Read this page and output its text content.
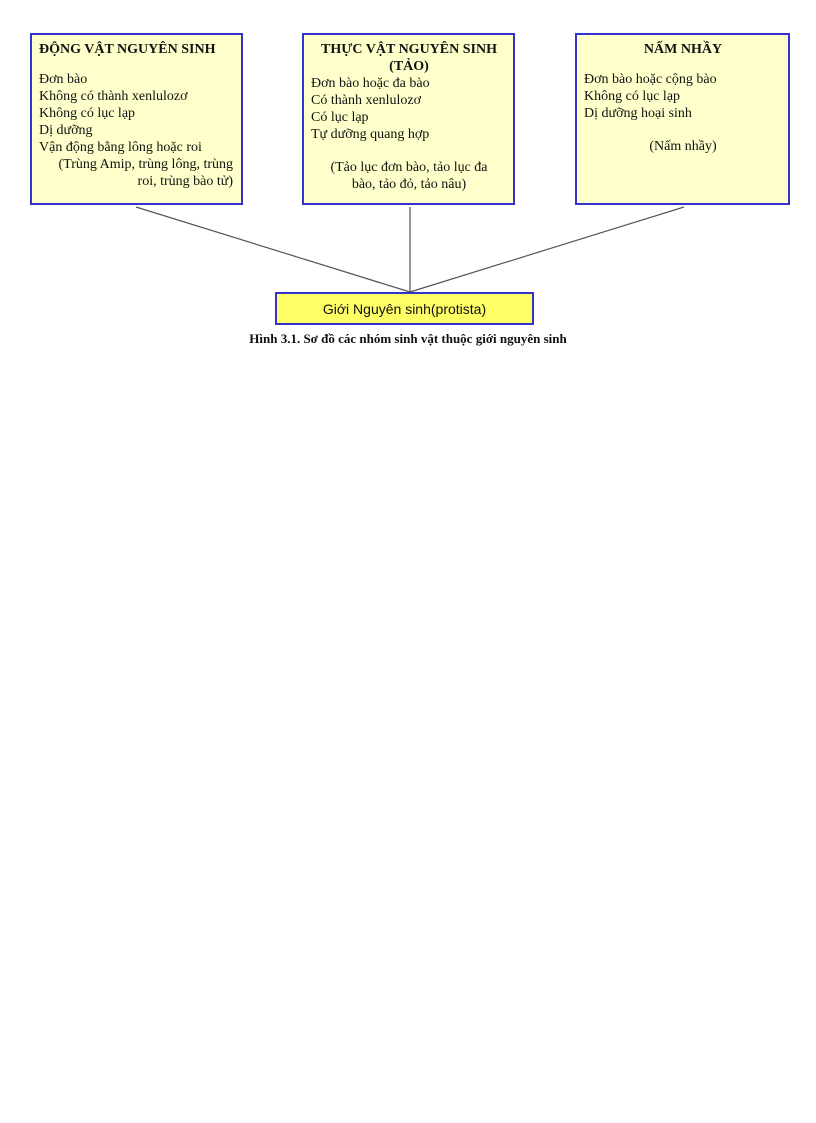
ĐỘNG VẬT NGUYÊN SINH
Đơn bào
Không có thành xenlulozơ
Không có lục lạp
Dị dưỡng
Vận động bằng lông hoặc roi
(Trùng Amip, trùng lông, trùng
roi, trùng bào tử)
THỰC VẬT NGUYÊN SINH
(TẢO)
Đơn bào hoặc đa bào
Có thành xenlulozơ
Có lục lạp
Tự dưỡng quang hợp
(Tảo lục đơn bào, tảo lục đa
bào, tảo đỏ, tảo nâu)
NẤM NHẦY
Đơn bào hoặc cộng bào
Không có lục lạp
Dị dưỡng hoại sinh
(Nấm nhầy)
Giới Nguyên sinh(protista)
Hình 3.1. Sơ đồ các nhóm sinh vật thuộc giới nguyên sinh
